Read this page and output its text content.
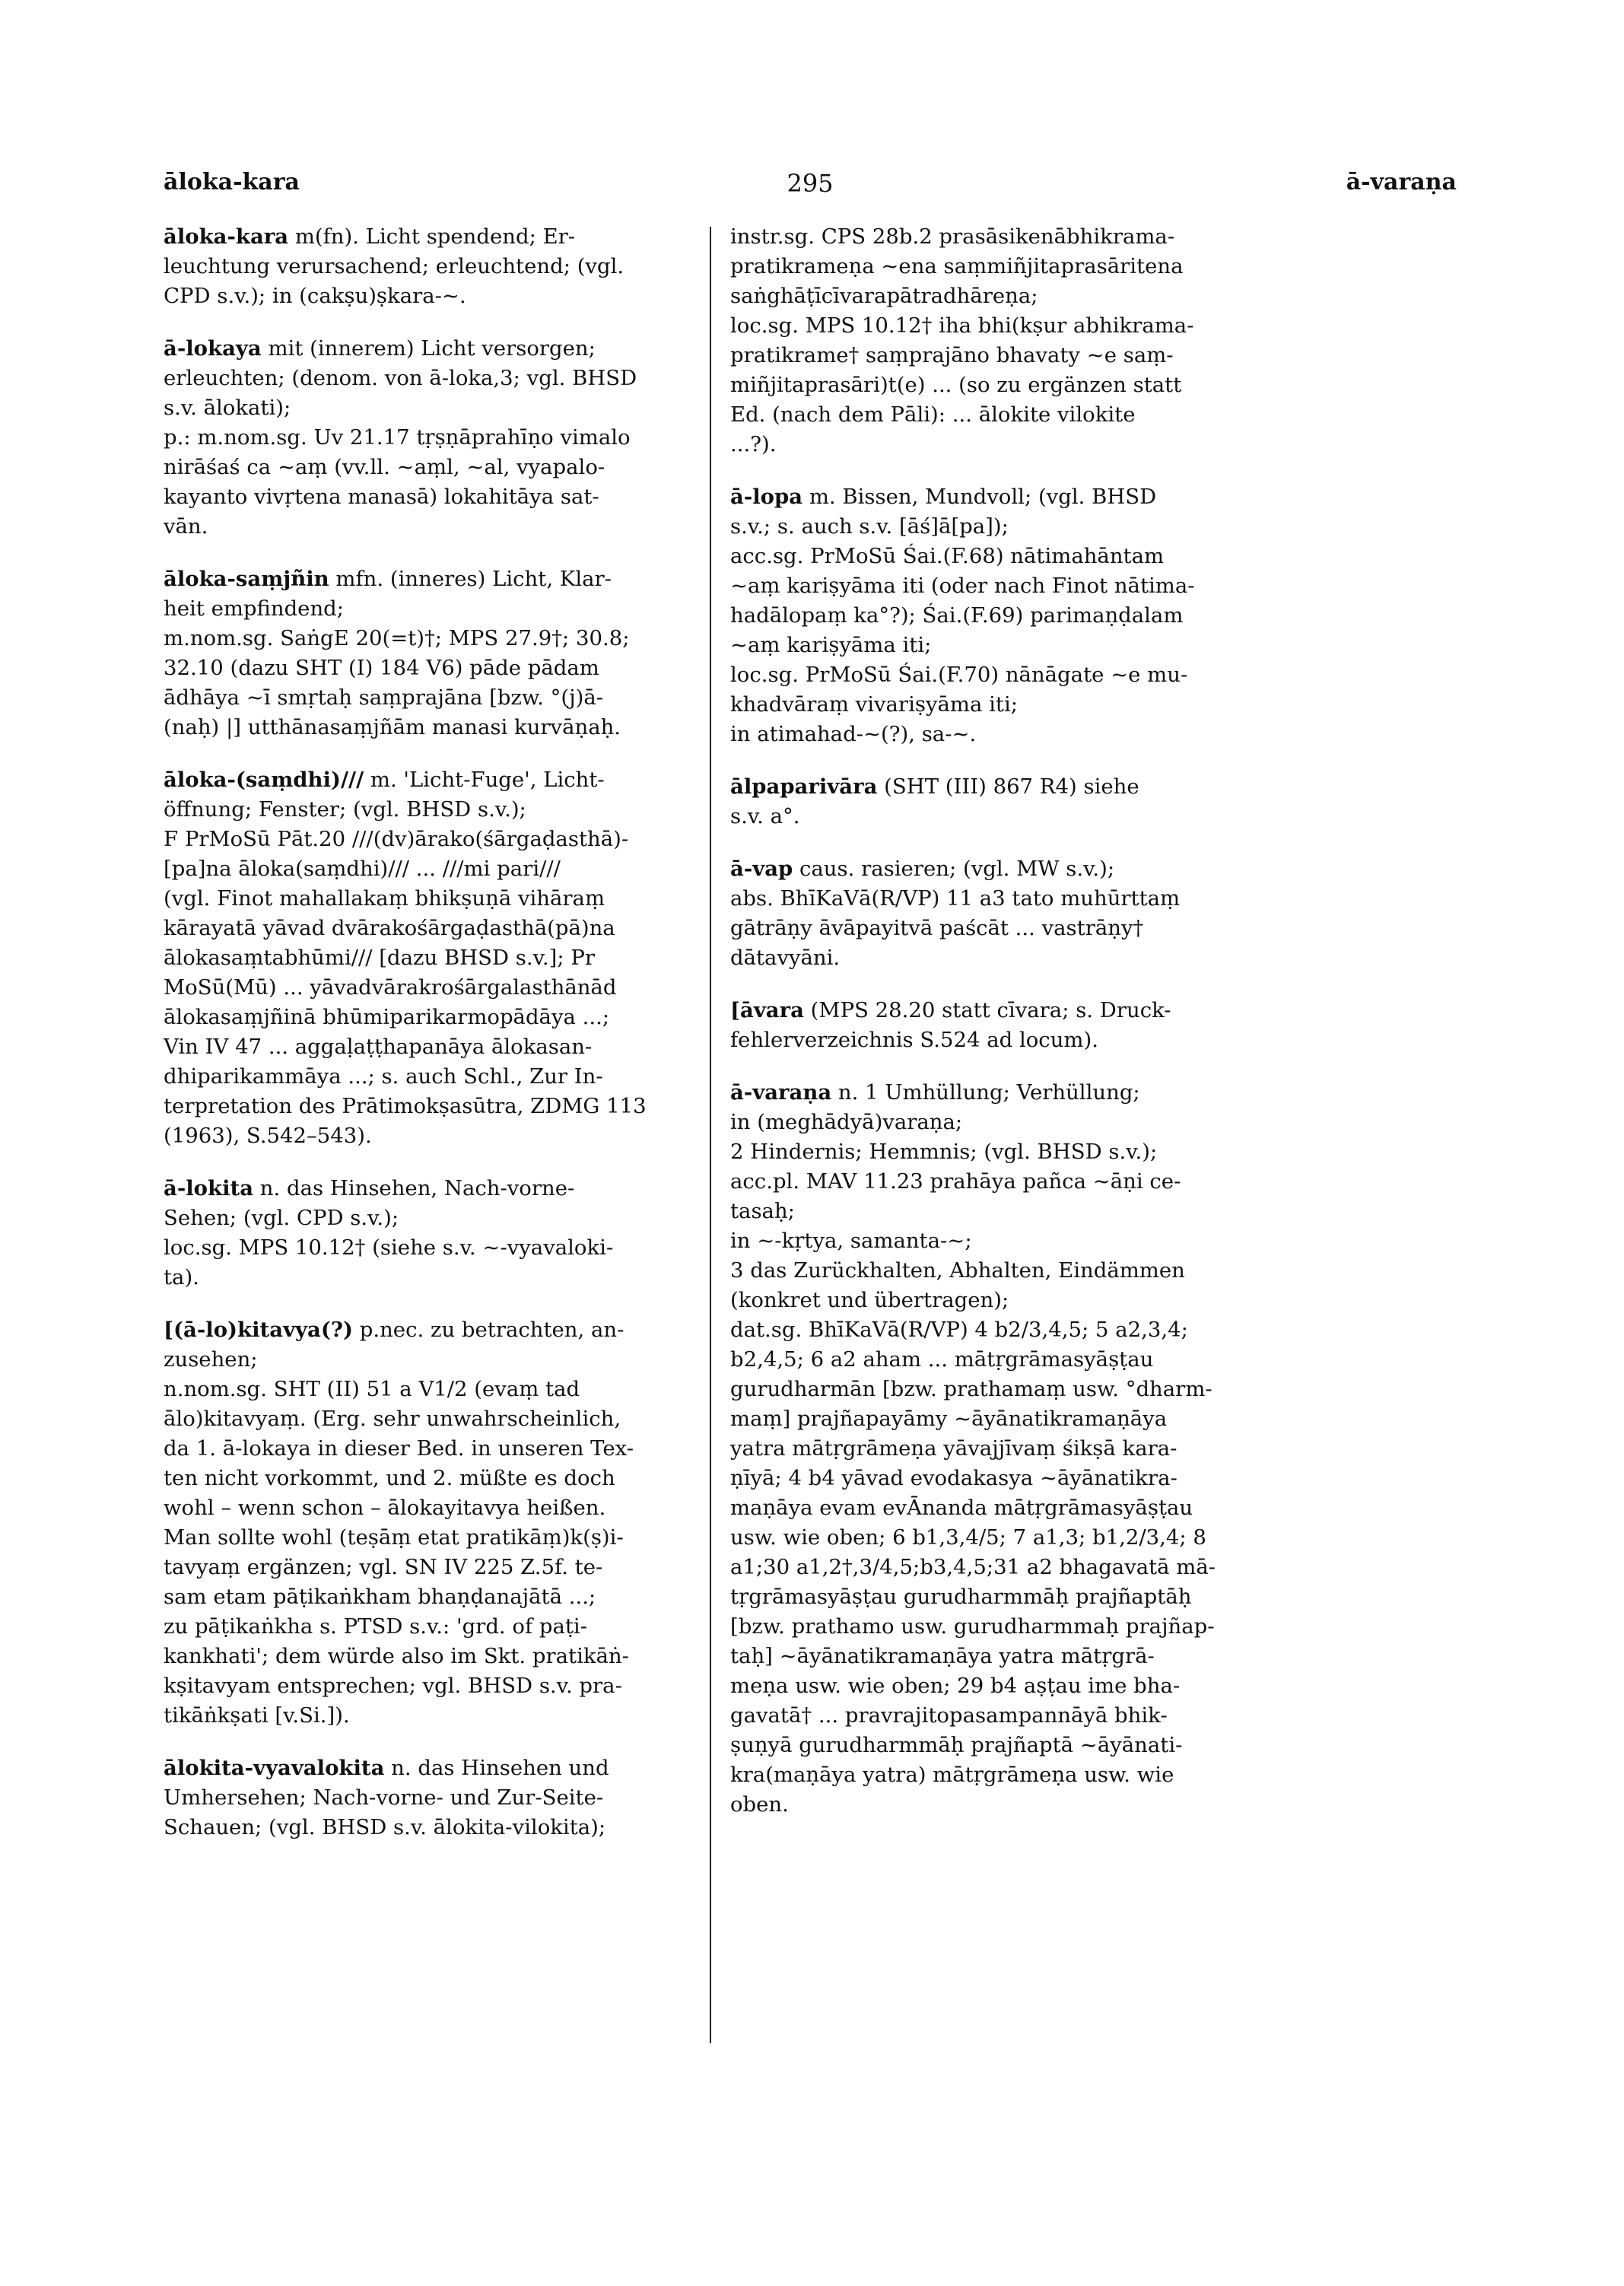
āloka-kara	295	ā-varaṇa

āloka-kara m(fn). Licht spendend; Er-

leuchtung verursachend; erleuchtend; (vgl.

CPD s.v.); in (cakṣu)ṣkara-~.

ā-lokaya mit (innerem) Licht versorgen;

erleuchten; (denom. von ā-loka,3; vgl. BHSD

s.v. ālokati);

p.: m.nom.sg. Uv 21.17 tṛṣṇāprahīṇo vimalo

nirāśaś ca ~aṃ (vv.ll. ~aṃl, ~al, vyapalo-

kayanto vivṛtena manasā) lokahitāya sat-

vān.

āloka-saṃjñin mfn. (inneres) Licht, Klar-

heit empfindend;

m.nom.sg. SaṅgE 20(=t)†; MPS 27.9†; 30.8;

32.10 (dazu SHT (I) 184 V6) pāde pādam

ādhāya ~ī smṛtaḥ saṃprajāna [bzw. °(j)ā-

(naḥ) |] utthānasaṃjñām manasi kurvāṇaḥ.

āloka-(saṃdhi)/// m. 'Licht-Fuge', Licht-

öffnung; Fenster; (vgl. BHSD s.v.);

F PrMoSū Pāt.20 ///(dv)ārako(śārgaḍasthā)-

[pa]na āloka(saṃdhi)/// ... ///mi pari///

(vgl. Finot mahallakaṃ bhikṣuṇā vihāraṃ

kārayatā yāvad dvārakośārgaḍasthā(pā)na

ālokasaṃtabhūmi/// [dazu BHSD s.v.]; Pr

MoSū(Mū) ... yāvadvārakrośārgalasthānād

ālokasaṃjñinā bhūmiparikarmopādāya ...;

Vin IV 47 ... aggaḷaṭṭhapanāya ālokasan-

dhiparikammāya ...; s. auch Schl., Zur In-

terpretation des Prātimokṣasūtra, ZDMG 113

(1963), S.542–543).

ā-lokita n. das Hinsehen, Nach-vorne-

Sehen; (vgl. CPD s.v.);

loc.sg. MPS 10.12† (siehe s.v. ~-vyavaloki-

ta).

[(ā-lo)kitavya(?) p.nec. zu betrachten, an-

zusehen;

n.nom.sg. SHT (II) 51 a V1/2 (evaṃ tad

ālo)kitavyaṃ. (Erg. sehr unwahrscheinlich,

da 1. ā-lokaya in dieser Bed. in unseren Tex-

ten nicht vorkommt, und 2. müßte es doch

wohl – wenn schon – ālokayitavya heißen.

Man sollte wohl (teṣāṃ etat pratikāṃ)k(ṣ)i-

tavyaṃ ergänzen; vgl. SN IV 225 Z.5f. te-

sam etam pāṭikaṅkham bhaṇḍanajātā ...;

zu pāṭikaṅkha s. PTSD s.v.: 'grd. of paṭi-

kankhati'; dem würde also im Skt. pratikāṅ-

kṣitavyam entsprechen; vgl. BHSD s.v. pra-

tikāṅkṣati [v.Si.]).

ālokita-vyavalokita n. das Hinsehen und

Umhersehen; Nach-vorne- und Zur-Seite-

Schauen; (vgl. BHSD s.v. ālokita-vilokita);

instr.sg. CPS 28b.2 prasāsikenābhikrama-

pratikrameṇa ~ena saṃmiñjitaprasāritena

saṅghāṭīcīvarapātradhāreṇa;

loc.sg. MPS 10.12† iha bhi(kṣur abhikrama-

pratikrame† saṃprajāno bhavaty ~e saṃ-

miñjitaprasāri)t(e) ... (so zu ergänzen statt

Ed. (nach dem Pāli): ... ālokite vilokite

...?).

ā-lopa m. Bissen, Mundvoll; (vgl. BHSD

s.v.; s. auch s.v. [āś]ā[pa]);

acc.sg. PrMoSū Śai.(F.68) nātimahāntam

~aṃ kariṣyāma iti (oder nach Finot nātima-

hadālopaṃ ka°?); Śai.(F.69) parimaṇḍalam

~aṃ kariṣyāma iti;

loc.sg. PrMoSū Śai.(F.70) nānāgate ~e mu-

khadvāraṃ vivariṣyāma iti;

in atimahad-~(?), sa-~.

ālpaparivāra (SHT (III) 867 R4) siehe

s.v. a°.

ā-vap caus. rasieren; (vgl. MW s.v.);

abs. BhīKaVā(R/VP) 11 a3 tato muhūrttaṃ

gātrāṇy āvāpayitvā paścāt ... vastrāṇy†

dātavyāni.

[āvara (MPS 28.20 statt cīvara; s. Druck-

fehlerverzeichnis S.524 ad locum).

ā-varaṇa n. 1 Umhüllung; Verhüllung;

in (meghādyā)varaṇa;

2 Hindernis; Hemmnis; (vgl. BHSD s.v.);

acc.pl. MAV 11.23 prahāya pañca ~āṇi ce-

tasaḥ;

in ~-kṛtya, samanta-~;

3 das Zurückhalten, Abhalten, Eindämmen

(konkret und übertragen);

dat.sg. BhīKaVā(R/VP) 4 b2/3,4,5; 5 a2,3,4;

b2,4,5; 6 a2 aham ... mātṛgrāmasyāṣṭau

gurudharmān [bzw. prathamaṃ usw. °dharm-

maṃ] prajñapayāmy ~āyānatikramaṇāya

yatra mātṛgrāmeṇa yāvajjīvaṃ śikṣā kara-

ṇīyā; 4 b4 yāvad evodakasya ~āyānatikra-

maṇāya evam evĀnanda mātṛgrāmasyāṣṭau

usw. wie oben; 6 b1,3,4/5; 7 a1,3; b1,2/3,4; 8

a1;30 a1,2†,3/4,5;b3,4,5;31 a2 bhagavatā mā-

tṛgrāmasyāṣṭau gurudharmmāḥ prajñaptāḥ

[bzw. prathamo usw. gurudharmmaḥ prajñap-

taḥ] ~āyānatikramaṇāya yatra mātṛgrā-

meṇa usw. wie oben; 29 b4 aṣṭau ime bha-

gavatā† ... pravrajitopasampannāyā bhik-

ṣuṇyā gurudharmmāḥ prajñaptā ~āyānati-

kra(maṇāya yatra) mātṛgrāmeṇa usw. wie

oben.
